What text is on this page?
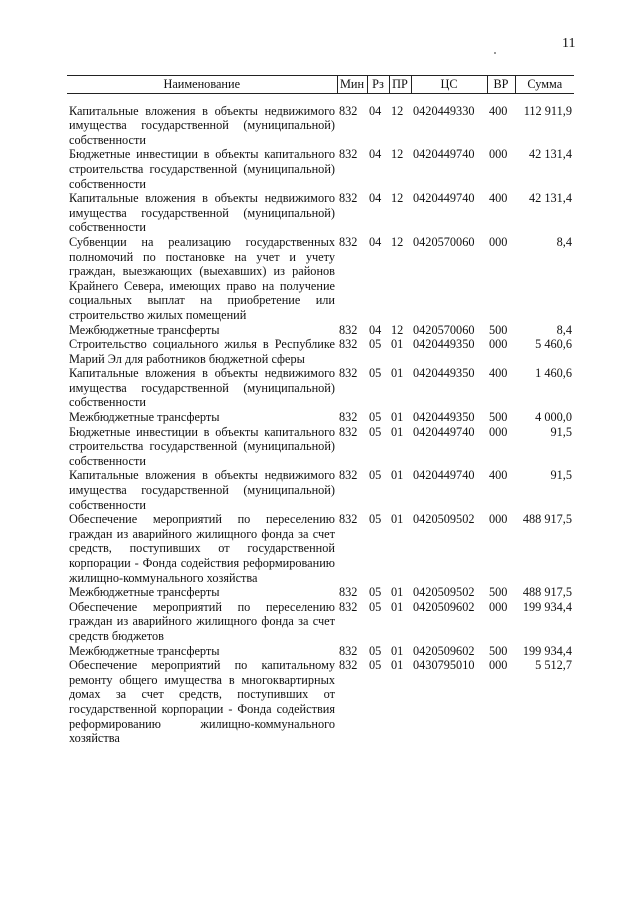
11
Наименование	Мин	Рз	ПР	ЦС	ВР	Сумма
Капитальные вложения в объекты недвижимого имущества государственной (муниципальной) собственности	832	04	12	0420449330	400	112 911,9
Бюджетные инвестиции в объекты капитального строительства государственной (муниципальной) собственности	832	04	12	0420449740	000	42 131,4
Капитальные вложения в объекты недвижимого имущества государственной (муниципальной) собственности	832	04	12	0420449740	400	42 131,4
Субвенции на реализацию государственных полномочий по постановке на учет и учету граждан, выезжающих (выехавших) из районов Крайнего Севера, имеющих право на получение социальных выплат на приобретение или строительство жилых помещений	832	04	12	0420570060	000	8,4
Межбюджетные трансферты	832	04	12	0420570060	500	8,4
Строительство социального жилья в Республике Марий Эл для работников бюджетной сферы	832	05	01	0420449350	000	5 460,6
Капитальные вложения в объекты недвижимого имущества государственной (муниципальной) собственности	832	05	01	0420449350	400	1 460,6
Межбюджетные трансферты	832	05	01	0420449350	500	4 000,0
Бюджетные инвестиции в объекты капитального строительства государственной (муниципальной) собственности	832	05	01	0420449740	000	91,5
Капитальные вложения в объекты недвижимого имущества государственной (муниципальной) собственности	832	05	01	0420449740	400	91,5
Обеспечение мероприятий по переселению граждан из аварийного жилищного фонда за счет средств, поступивших от государственной корпорации - Фонда содействия реформированию жилищно-коммунального хозяйства	832	05	01	0420509502	000	488 917,5
Межбюджетные трансферты	832	05	01	0420509502	500	488 917,5
Обеспечение мероприятий по переселению граждан из аварийного жилищного фонда за счет средств бюджетов	832	05	01	0420509602	000	199 934,4
Межбюджетные трансферты	832	05	01	0420509602	500	199 934,4
Обеспечение мероприятий по капитальному ремонту общего имущества в многоквартирных домах за счет средств, поступивших от государственной корпорации - Фонда содействия реформированию жилищно-коммунального хозяйства	832	05	01	0430795010	000	5 512,7
